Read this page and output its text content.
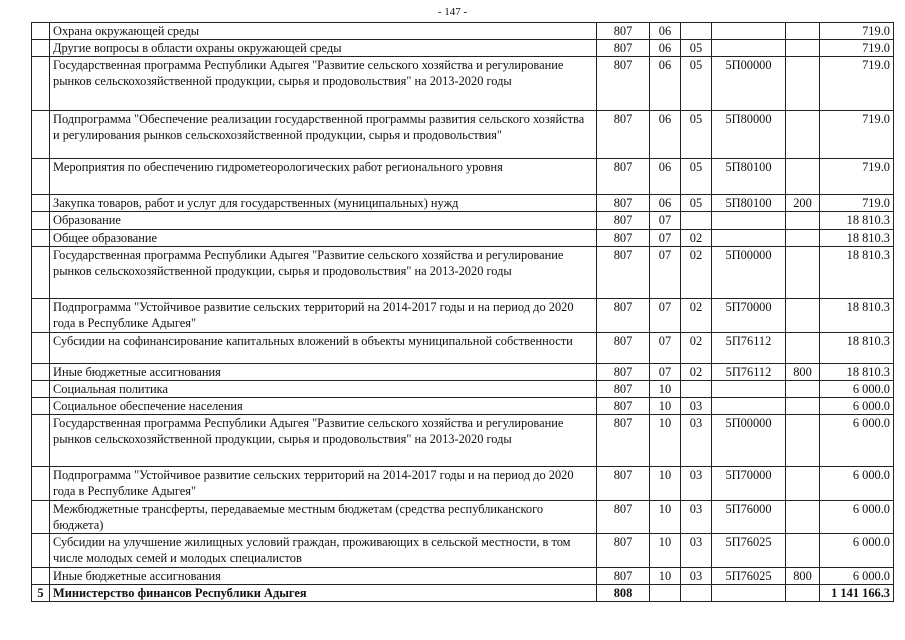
- 147 -
	Охрана окружающей среды	807	06				719.0
	Другие вопросы в области охраны окружающей среды	807	06	05			719.0
	Государственная программа Республики Адыгея "Развитие сельского хозяйства и регулирование рынков сельскохозяйственной продукции, сырья и продовольствия" на 2013-2020 годы	807	06	05	5П00000		719.0
	Подпрограмма "Обеспечение реализации государственной программы развития сельского хозяйства и регулирования рынков сельскохозяйственной продукции, сырья и продовольствия"	807	06	05	5П80000		719.0
	Мероприятия по обеспечению гидрометеорологических работ регионального уровня	807	06	05	5П80100		719.0
	Закупка товаров, работ и услуг для государственных (муниципальных) нужд	807	06	05	5П80100	200	719.0
	Образование	807	07				18 810.3
	Общее образование	807	07	02			18 810.3
	Государственная программа Республики Адыгея "Развитие сельского хозяйства и регулирование рынков сельскохозяйственной продукции, сырья и продовольствия" на 2013-2020 годы	807	07	02	5П00000		18 810.3
	Подпрограмма "Устойчивое развитие сельских территорий на 2014-2017 годы и на период до 2020 года в Республике Адыгея"	807	07	02	5П70000		18 810.3
	Субсидии на софинансирование капитальных вложений в объекты муниципальной собственности	807	07	02	5П76112		18 810.3
	Иные бюджетные ассигнования	807	07	02	5П76112	800	18 810.3
	Социальная политика	807	10				6 000.0
	Социальное обеспечение населения	807	10	03			6 000.0
	Государственная программа Республики Адыгея "Развитие сельского хозяйства и регулирование рынков сельскохозяйственной продукции, сырья и продовольствия" на 2013-2020 годы	807	10	03	5П00000		6 000.0
	Подпрограмма "Устойчивое развитие сельских территорий на 2014-2017 годы и на период до 2020 года в Республике Адыгея"	807	10	03	5П70000		6 000.0
	Межбюджетные трансферты, передаваемые местным бюджетам (средства республиканского бюджета)	807	10	03	5П76000		6 000.0
	Субсидии на улучшение жилищных условий граждан, проживающих в сельской местности, в том числе молодых семей и молодых специалистов	807	10	03	5П76025		6 000.0
	Иные бюджетные ассигнования	807	10	03	5П76025	800	6 000.0
5	Министерство финансов Республики Адыгея	808					1 141 166.3
